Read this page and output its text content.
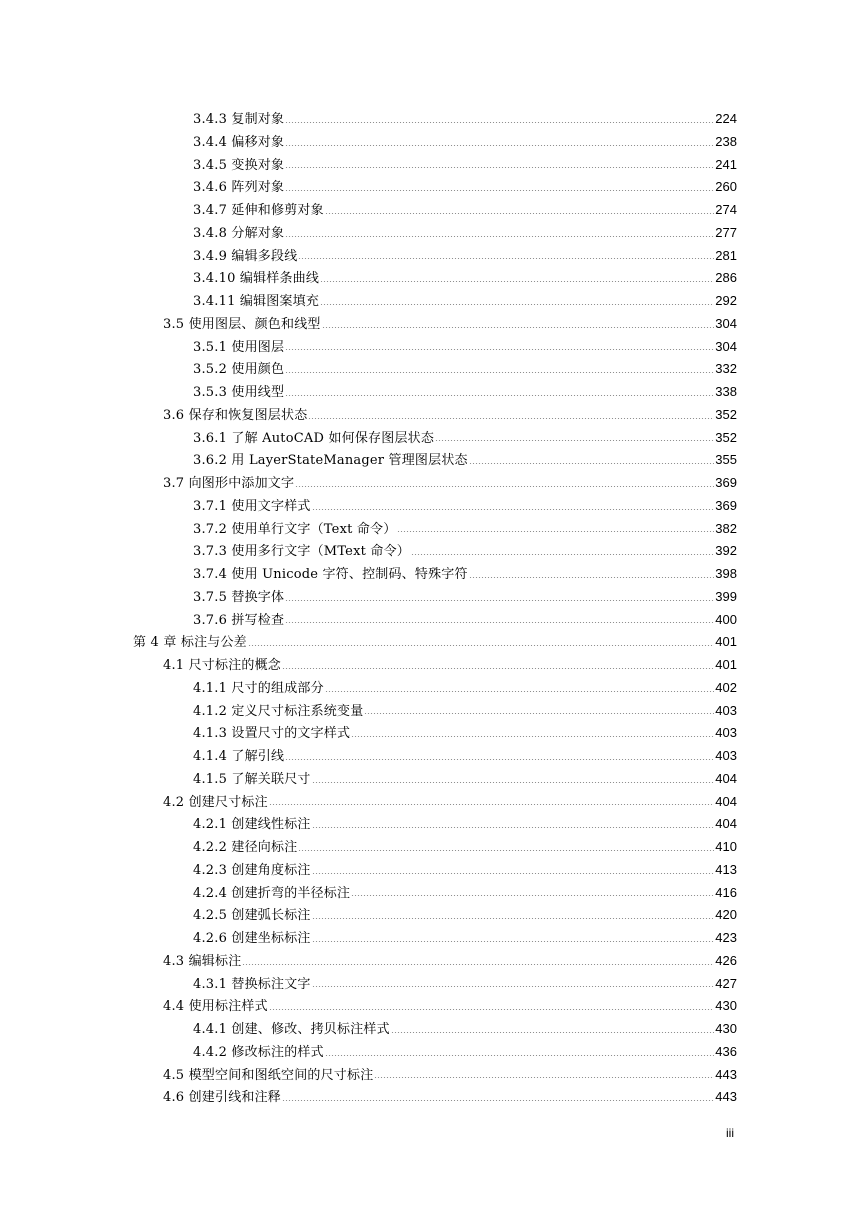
3.4.3 复制对象	224
3.4.4 偏移对象	238
3.4.5 变换对象	241
3.4.6 阵列对象	260
3.4.7 延伸和修剪对象	274
3.4.8 分解对象	277
3.4.9 编辑多段线	281
3.4.10 编辑样条曲线	286
3.4.11 编辑图案填充	292
3.5 使用图层、颜色和线型	304
3.5.1 使用图层	304
3.5.2 使用颜色	332
3.5.3 使用线型	338
3.6 保存和恢复图层状态	352
3.6.1 了解 AutoCAD 如何保存图层状态	352
3.6.2 用 LayerStateManager 管理图层状态	355
3.7 向图形中添加文字	369
3.7.1 使用文字样式	369
3.7.2 使用单行文字（Text 命令）	382
3.7.3 使用多行文字（MText 命令）	392
3.7.4 使用 Unicode 字符、控制码、特殊字符	398
3.7.5 替换字体	399
3.7.6 拼写检查	400
第 4 章 标注与公差	401
4.1 尺寸标注的概念	401
4.1.1 尺寸的组成部分	402
4.1.2 定义尺寸标注系统变量	403
4.1.3 设置尺寸的文字样式	403
4.1.4 了解引线	403
4.1.5 了解关联尺寸	404
4.2 创建尺寸标注	404
4.2.1 创建线性标注	404
4.2.2 建径向标注	410
4.2.3 创建角度标注	413
4.2.4 创建折弯的半径标注	416
4.2.5 创建弧长标注	420
4.2.6 创建坐标标注	423
4.3 编辑标注	426
4.3.1 替换标注文字	427
4.4 使用标注样式	430
4.4.1 创建、修改、拷贝标注样式	430
4.4.2 修改标注的样式	436
4.5 模型空间和图纸空间的尺寸标注	443
4.6 创建引线和注释	443
iii
